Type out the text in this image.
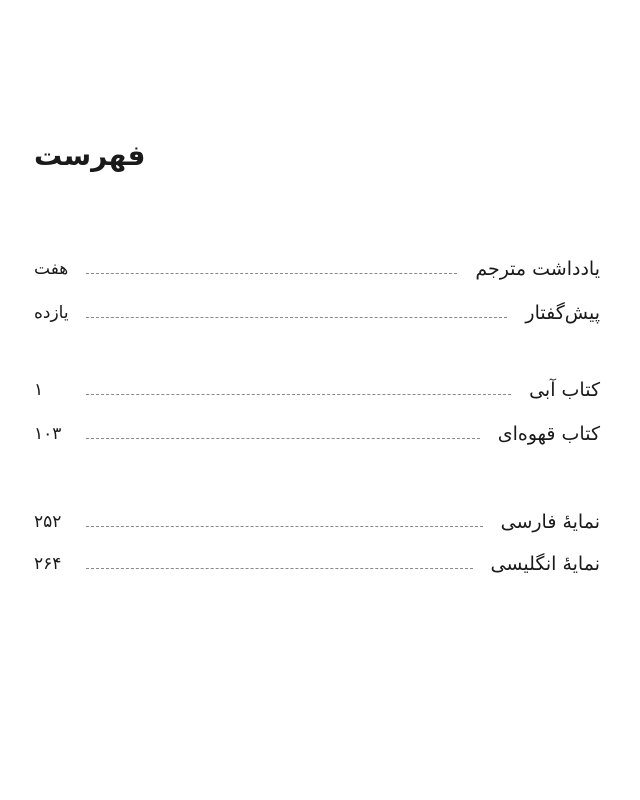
فهرست
یادداشت مترجم
هفت
پیش‌گفتار
یازده
کتاب آبی
۱
کتاب قهوه‌ای
۱۰۳
نمایهٔ فارسی
۲۵۲
نمایهٔ انگلیسی
۲۶۴
